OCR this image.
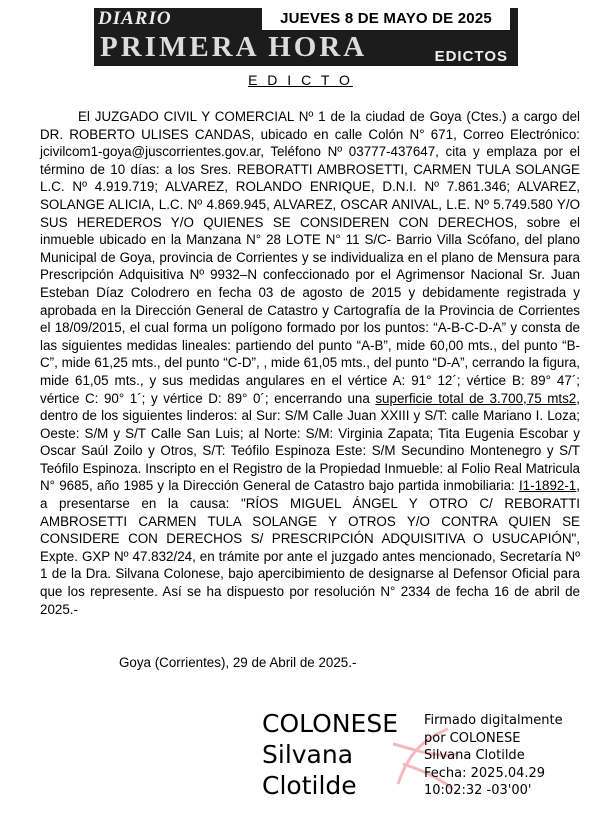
DIARIO
PRIMERA HORA	EDICTOS
JUEVES 8 DE MAYO DE 2025
E D I C T O

El JUZGADO CIVIL Y COMERCIAL Nº 1 de la ciudad de Goya (Ctes.) a cargo del DR. ROBERTO ULISES CANDAS, ubicado en calle Colón N° 671, Correo Electrónico: jcivilcom1-goya@juscorrientes.gov.ar, Teléfono Nº 03777-437647, cita y emplaza por el término de 10 días: a los Sres. REBORATTI AMBROSETTI, CARMEN TULA SOLANGE L.C. Nº 4.919.719; ALVAREZ, ROLANDO ENRIQUE, D.N.I. Nº 7.861.346; ALVAREZ, SOLANGE ALICIA, L.C. Nº 4.869.945, ALVAREZ, OSCAR ANIVAL, L.E. Nº 5.749.580 Y/O SUS HEREDEROS Y/O QUIENES SE CONSIDEREN CON DERECHOS, sobre el inmueble ubicado en la Manzana N° 28 LOTE N° 11 S/C- Barrio Villa Scófano, del plano Municipal de Goya, provincia de Corrientes y se individualiza en el plano de Mensura para Prescripción Adquisitiva Nº 9932–N confeccionado por el Agrimensor Nacional Sr. Juan Esteban Díaz Colodrero en fecha 03 de agosto de 2015 y debidamente registrada y aprobada en la Dirección General de Catastro y Cartografía de la Provincia de Corrientes el 18/09/2015, el cual forma un polígono formado por los puntos: “A-B-C-D-A” y consta de las siguientes medidas lineales: partiendo del punto “A-B”, mide 60,00 mts., del punto “B-C”, mide 61,25 mts., del punto “C-D”, , mide 61,05 mts., del punto “D-A”, cerrando la figura, mide 61,05 mts., y sus medidas angulares en el vértice A: 91° 12´; vértice B: 89° 47´; vértice C: 90° 1´; y vértice D: 89° 0´; encerrando una superficie total de 3.700,75 mts2, dentro de los siguientes linderos: al Sur: S/M Calle Juan XXIII y S/T: calle Mariano I. Loza; Oeste: S/M y S/T Calle San Luis; al Norte: S/M: Virginia Zapata; Tita Eugenia Escobar y Oscar Saúl Zoilo y Otros, S/T: Teófilo Espinoza Este: S/M Secundino Montenegro y S/T Teófilo Espinoza. Inscripto en el Registro de la Propiedad Inmueble: al Folio Real Matricula N° 9685, año 1985 y la Dirección General de Catastro bajo partida inmobiliaria: I1-1892-1, a presentarse en la causa: "RÍOS MIGUEL ÁNGEL Y OTRO C/ REBORATTI AMBROSETTI CARMEN TULA SOLANGE Y OTROS Y/O CONTRA QUIEN SE CONSIDERE CON DERECHOS S/ PRESCRIPCIÓN ADQUISITIVA O USUCAPIÓN", Expte. GXP Nº 47.832/24, en trámite por ante el juzgado antes mencionado, Secretaría Nº 1 de la Dra. Silvana Colonese, bajo apercibimiento de designarse al Defensor Oficial para que los represente. Así se ha dispuesto por resolución N° 2334 de fecha 16 de abril de 2025.-

Goya (Corrientes), 29 de Abril de 2025.-
COLONESE
Silvana
Clotilde
Firmado digitalmente
por COLONESE
Silvana Clotilde
Fecha: 2025.04.29
10:02:32 -03'00'
